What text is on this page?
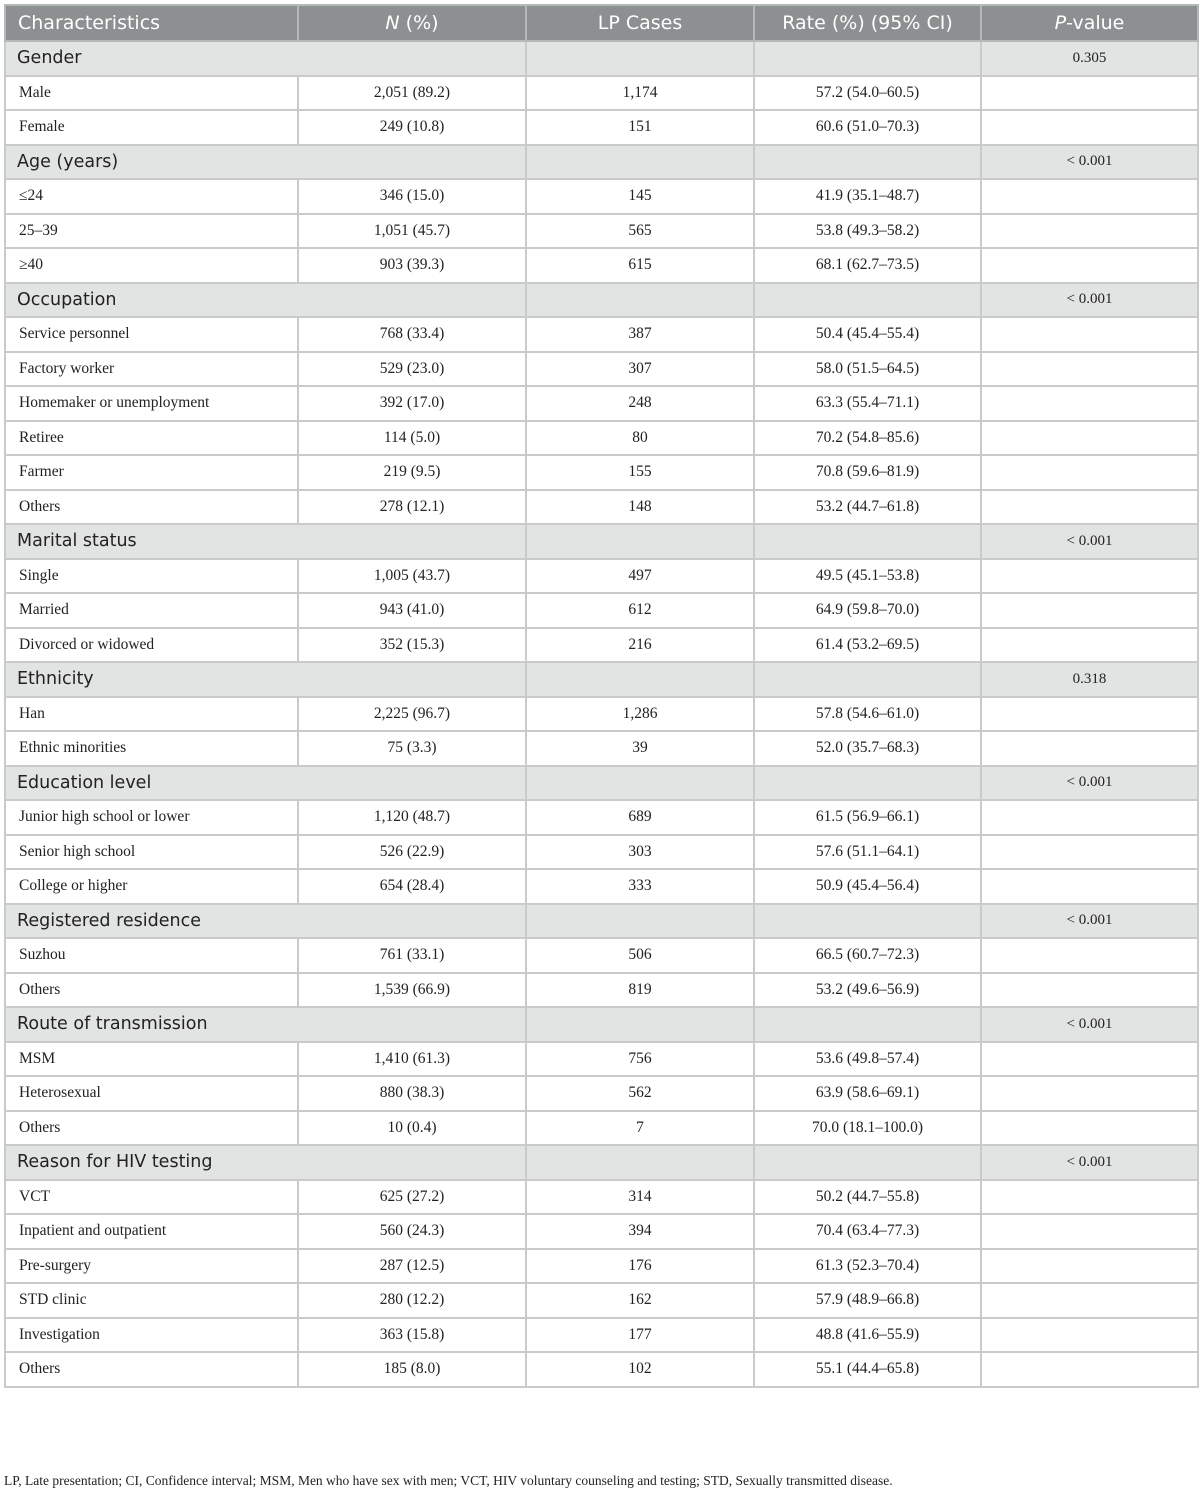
Characteristics	N (%)	LP Cases	Rate (%) (95% CI)	P-value
Gender				0.305
Male	2,051 (89.2)	1,174	57.2 (54.0–60.5)	
Female	249 (10.8)	151	60.6 (51.0–70.3)	
Age (years)				< 0.001
≤24	346 (15.0)	145	41.9 (35.1–48.7)	
25–39	1,051 (45.7)	565	53.8 (49.3–58.2)	
≥40	903 (39.3)	615	68.1 (62.7–73.5)	
Occupation				< 0.001
Service personnel	768 (33.4)	387	50.4 (45.4–55.4)	
Factory worker	529 (23.0)	307	58.0 (51.5–64.5)	
Homemaker or unemployment	392 (17.0)	248	63.3 (55.4–71.1)	
Retiree	114 (5.0)	80	70.2 (54.8–85.6)	
Farmer	219 (9.5)	155	70.8 (59.6–81.9)	
Others	278 (12.1)	148	53.2 (44.7–61.8)	
Marital status				< 0.001
Single	1,005 (43.7)	497	49.5 (45.1–53.8)	
Married	943 (41.0)	612	64.9 (59.8–70.0)	
Divorced or widowed	352 (15.3)	216	61.4 (53.2–69.5)	
Ethnicity				0.318
Han	2,225 (96.7)	1,286	57.8 (54.6–61.0)	
Ethnic minorities	75 (3.3)	39	52.0 (35.7–68.3)	
Education level				< 0.001
Junior high school or lower	1,120 (48.7)	689	61.5 (56.9–66.1)	
Senior high school	526 (22.9)	303	57.6 (51.1–64.1)	
College or higher	654 (28.4)	333	50.9 (45.4–56.4)	
Registered residence				< 0.001
Suzhou	761 (33.1)	506	66.5 (60.7–72.3)	
Others	1,539 (66.9)	819	53.2 (49.6–56.9)	
Route of transmission				< 0.001
MSM	1,410 (61.3)	756	53.6 (49.8–57.4)	
Heterosexual	880 (38.3)	562	63.9 (58.6–69.1)	
Others	10 (0.4)	7	70.0 (18.1–100.0)	
Reason for HIV testing				< 0.001
VCT	625 (27.2)	314	50.2 (44.7–55.8)	
Inpatient and outpatient	560 (24.3)	394	70.4 (63.4–77.3)	
Pre-surgery	287 (12.5)	176	61.3 (52.3–70.4)	
STD clinic	280 (12.2)	162	57.9 (48.9–66.8)	
Investigation	363 (15.8)	177	48.8 (41.6–55.9)	
Others	185 (8.0)	102	55.1 (44.4–65.8)	
LP, Late presentation; CI, Confidence interval; MSM, Men who have sex with men; VCT, HIV voluntary counseling and testing; STD, Sexually transmitted disease.
